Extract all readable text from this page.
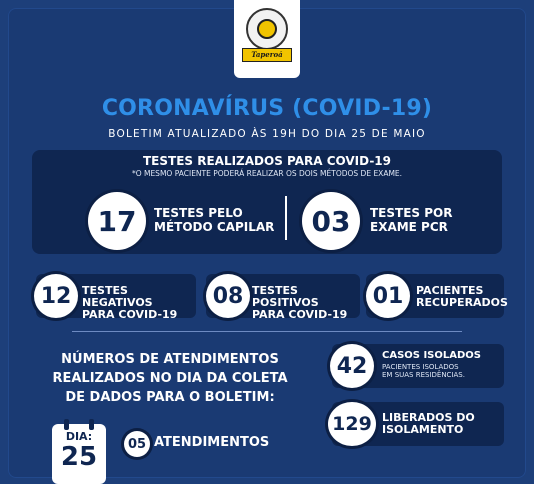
Taperoá
CORONAVÍRUS (COVID-19)
BOLETIM ATUALIZADO ÀS 19H DO DIA 25 DE MAIO
TESTES REALIZADOS PARA COVID-19
*O MESMO PACIENTE PODERÁ REALIZAR OS DOIS MÉTODOS DE EXAME.
17	TESTES PELO
MÉTODO CAPILAR	03	TESTES POR
EXAME PCR
12 TESTES NEGATIVOS
PARA COVID-19
08 TESTES POSITIVOS
PARA COVID-19
01	PACIENTES
RECUPERADOS
NÚMEROS DE ATENDIMENTOS
REALIZADOS NO DIA DA COLETA
DE DADOS PARA O BOLETIM:
DIA:
25	05 ATENDIMENTOS
42	CASOS ISOLADOS
PACIENTES ISOLADOS
EM SUAS RESIDÊNCIAS.
129 LIBERADOS DO
ISOLAMENTO
